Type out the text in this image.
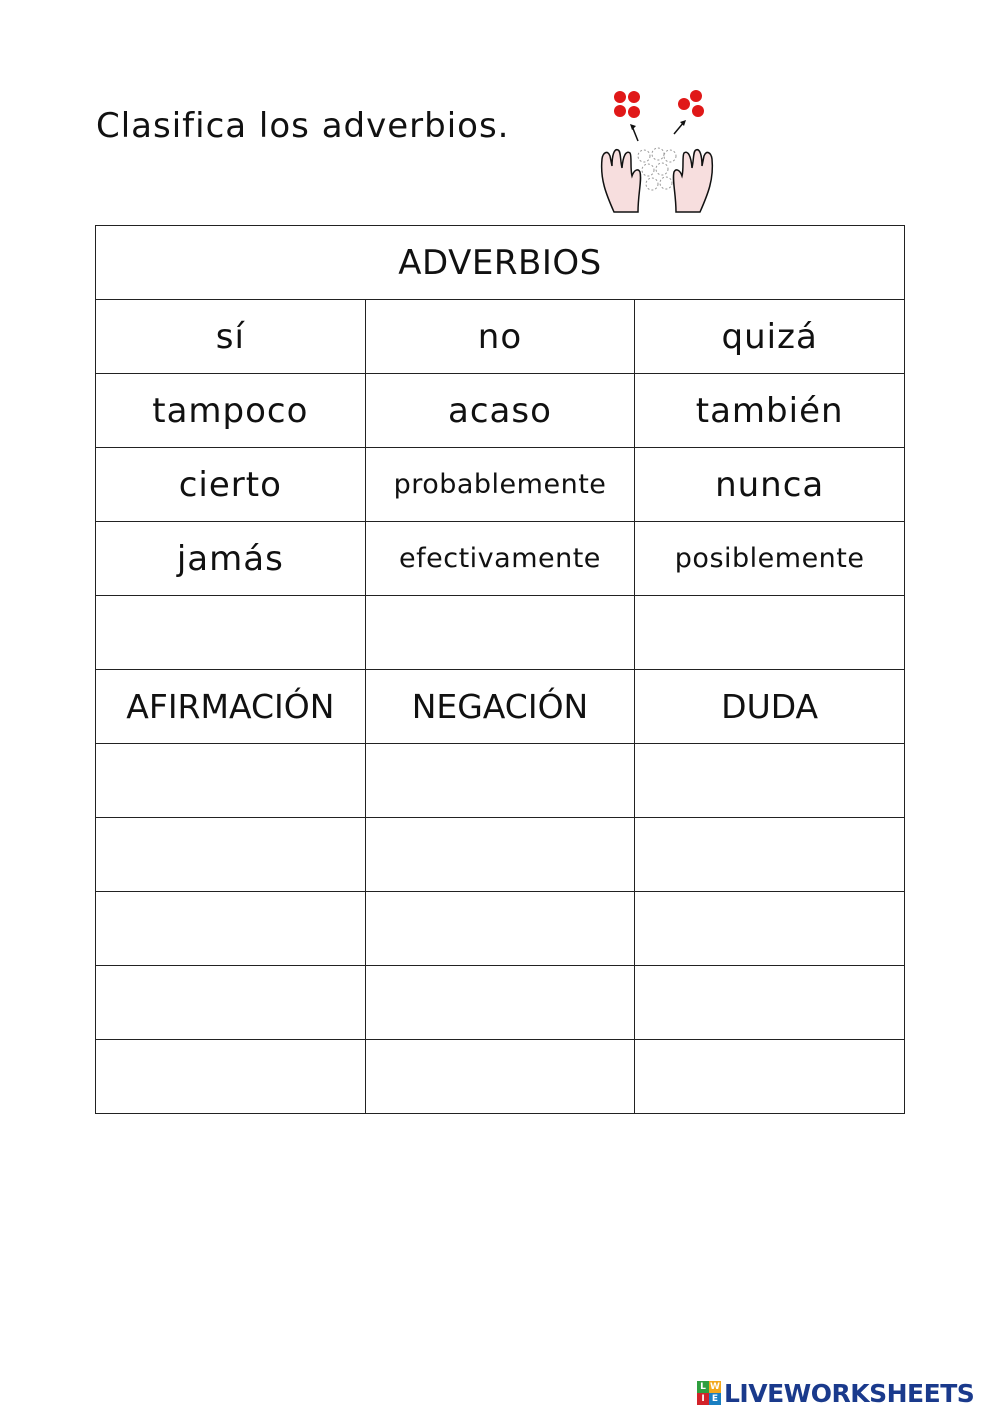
Clasifica los adverbios.
ADVERBIOS		
sí	no	quizá
tampoco	acaso	también
cierto	probablemente	nunca
jamás	efectivamente	posiblemente

AFIRMACIÓN	NEGACIÓN	DUDA

L W
I E LIVEWORKSHEETS
